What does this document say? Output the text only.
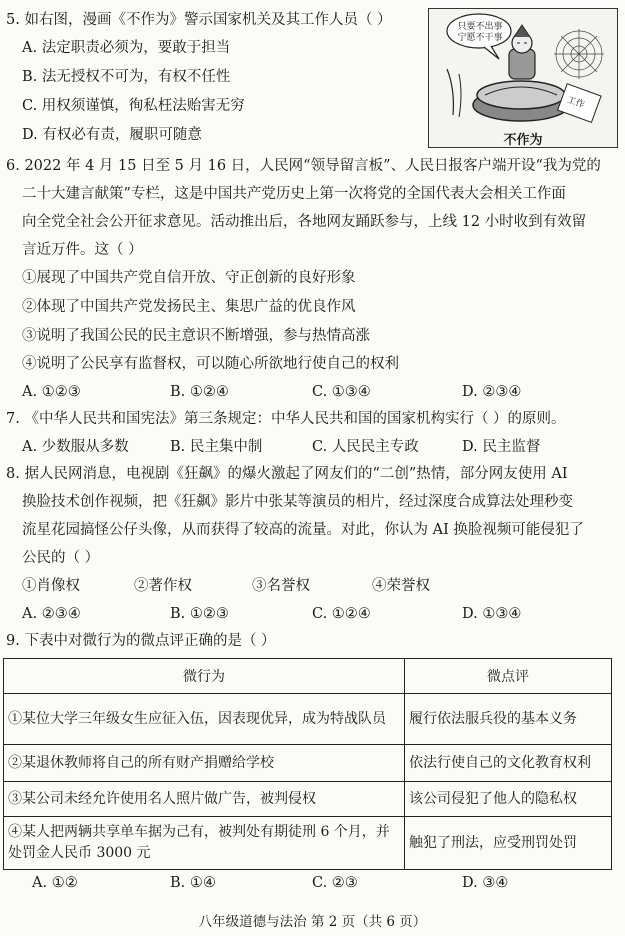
5. 如右图，漫画《不作为》警示国家机关及其工作人员（ ）
A. 法定职责必须为，要敢于担当
B. 法无授权不可为，有权不任性
C. 用权须谨慎，徇私枉法贻害无穷
D. 有权必有责，履职可随意
只要不出事
宁愿不干事
工作
不作为
6. 2022 年 4 月 15 日至 5 月 16 日，人民网“领导留言板”、人民日报客户端开设“我为党的
二十大建言献策”专栏，这是中国共产党历史上第一次将党的全国代表大会相关工作面
向全党全社会公开征求意见。活动推出后，各地网友踊跃参与，上线 12 小时收到有效留
言近万件。这（ ）
①展现了中国共产党自信开放、守正创新的良好形象
②体现了中国共产党发扬民主、集思广益的优良作风
③说明了我国公民的民主意识不断增强，参与热情高涨
④说明了公民享有监督权，可以随心所欲地行使自己的权利
A. ①②③	B. ①②④	C. ①③④	D. ②③④
7. 《中华人民共和国宪法》第三条规定：中华人民共和国的国家机构实行（ ）的原则。
A. 少数服从多数	B. 民主集中制	C. 人民民主专政	D. 民主监督
8. 据人民网消息，电视剧《狂飙》的爆火激起了网友们的“二创”热情，部分网友使用 AI
换脸技术创作视频，把《狂飙》影片中张某等演员的相片，经过深度合成算法处理秒变
流星花园搞怪公仔头像，从而获得了较高的流量。对此，你认为 AI 换脸视频可能侵犯了
公民的（ ）
①肖像权	②著作权	③名誉权	④荣誉权
A. ②③④	B. ①②③	C. ①②④	D. ①③④
9. 下表中对微行为的微点评正确的是（ ）
微行为	微点评
①某位大学三年级女生应征入伍，因表现优异，成为特战队员	履行依法服兵役的基本义务
②某退休教师将自己的所有财产捐赠给学校	依法行使自己的文化教育权利
③某公司未经允许使用名人照片做广告，被判侵权	该公司侵犯了他人的隐私权
④某人把两辆共享单车据为己有，被判处有期徒刑 6 个月，并处罚金人民币 3000 元	触犯了刑法，应受刑罚处罚
A. ①②	B. ①④	C. ②③	D. ③④
八年级道德与法治 第 2 页（共 6 页）
